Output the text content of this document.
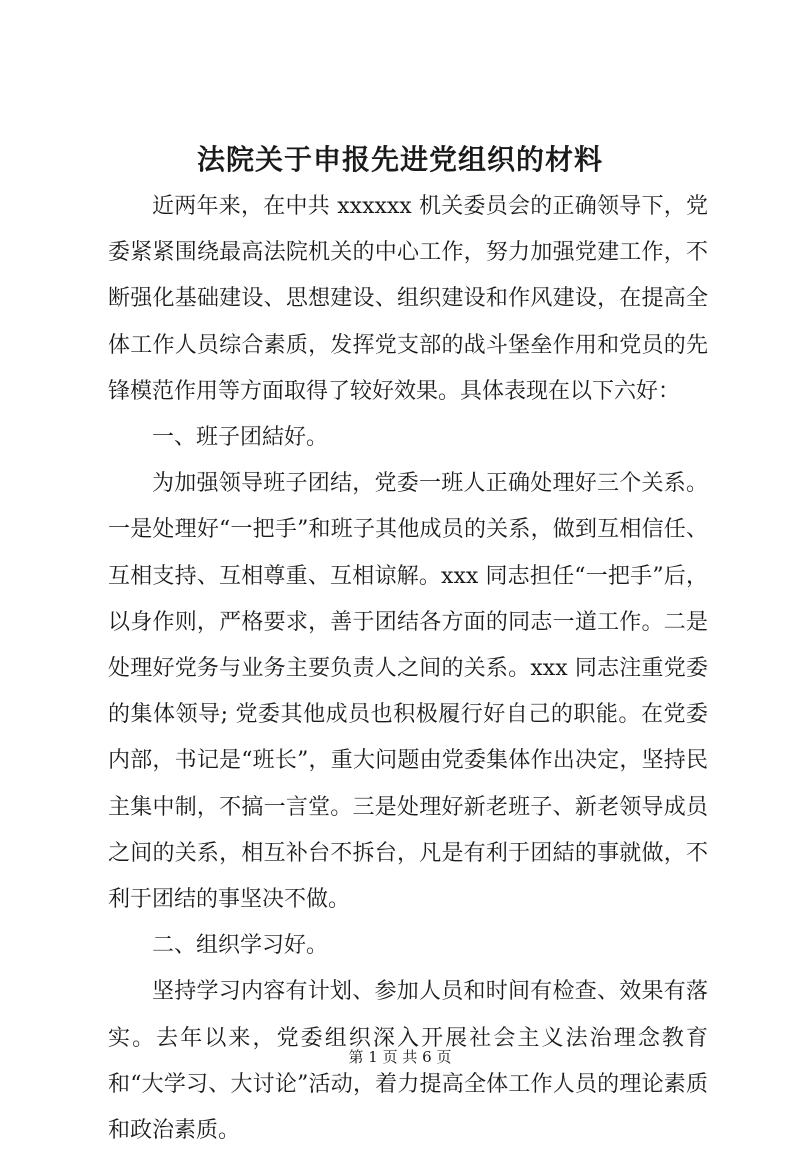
法院关于申报先进党组织的材料

近两年来，在中共 xxxxxx 机关委员会的正确领导下，党委紧紧围绕最高法院机关的中心工作，努力加强党建工作，不断强化基础建设、思想建设、组织建设和作风建设，在提高全体工作人员综合素质，发挥党支部的战斗堡垒作用和党员的先锋模范作用等方面取得了较好效果。具体表现在以下六好：

一、班子团結好。

为加强领导班子团结，党委一班人正确处理好三个关系。一是处理好“一把手”和班子其他成员的关系，做到互相信任、互相支持、互相尊重、互相谅解。xxx 同志担任“一把手”后，以身作则，严格要求，善于团结各方面的同志一道工作。二是处理好党务与业务主要负责人之间的关系。xxx 同志注重党委的集体领导; 党委其他成员也积极履行好自己的职能。在党委内部，书记是“班长”，重大问题由党委集体作出决定，坚持民主集中制，不搞一言堂。三是处理好新老班子、新老领导成员之间的关系，相互补台不拆台，凡是有利于团結的事就做，不利于团结的事坚决不做。

二、组织学习好。

坚持学习内容有计划、参加人员和时间有检查、效果有落实。去年以来，党委组织深入开展社会主义法治理念教育和“大学习、大讨论”活动，着力提高全体工作人员的理论素质和政治素质。

第 1 页 共 6 页
